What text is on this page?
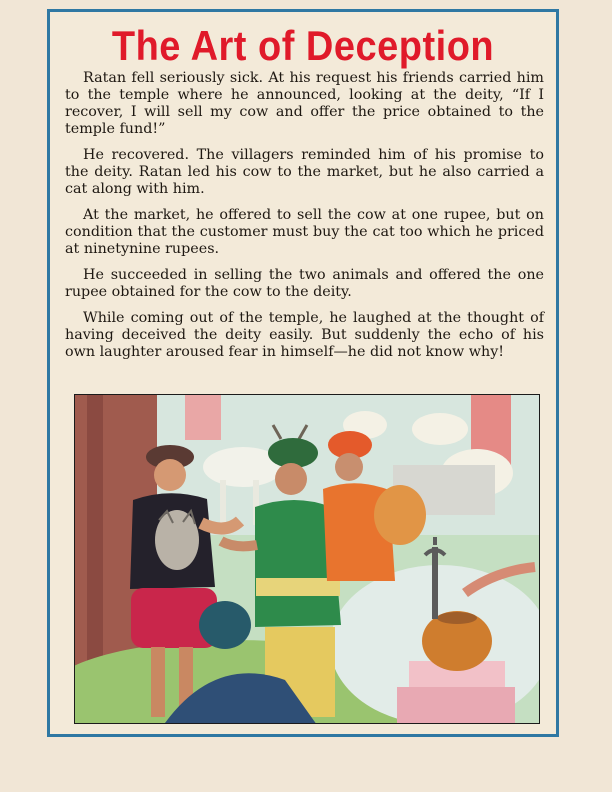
The Art of Deception

Ratan fell seriously sick. At his request his friends carried him to the temple where he announced, looking at the deity, “If I recover, I will sell my cow and offer the price obtained to the temple fund!”

He recovered. The villagers reminded him of his promise to the deity. Ratan led his cow to the market, but he also carried a cat along with him.

At the market, he offered to sell the cow at one rupee, but on condition that the customer must buy the cat too which he priced at ninetynine rupees.

He succeeded in selling the two animals and offered the one rupee obtained for the cow to the deity.

While coming out of the temple, he laughed at the thought of having deceived the deity easily. But suddenly the echo of his own laughter aroused fear in himself—he did not know why!
